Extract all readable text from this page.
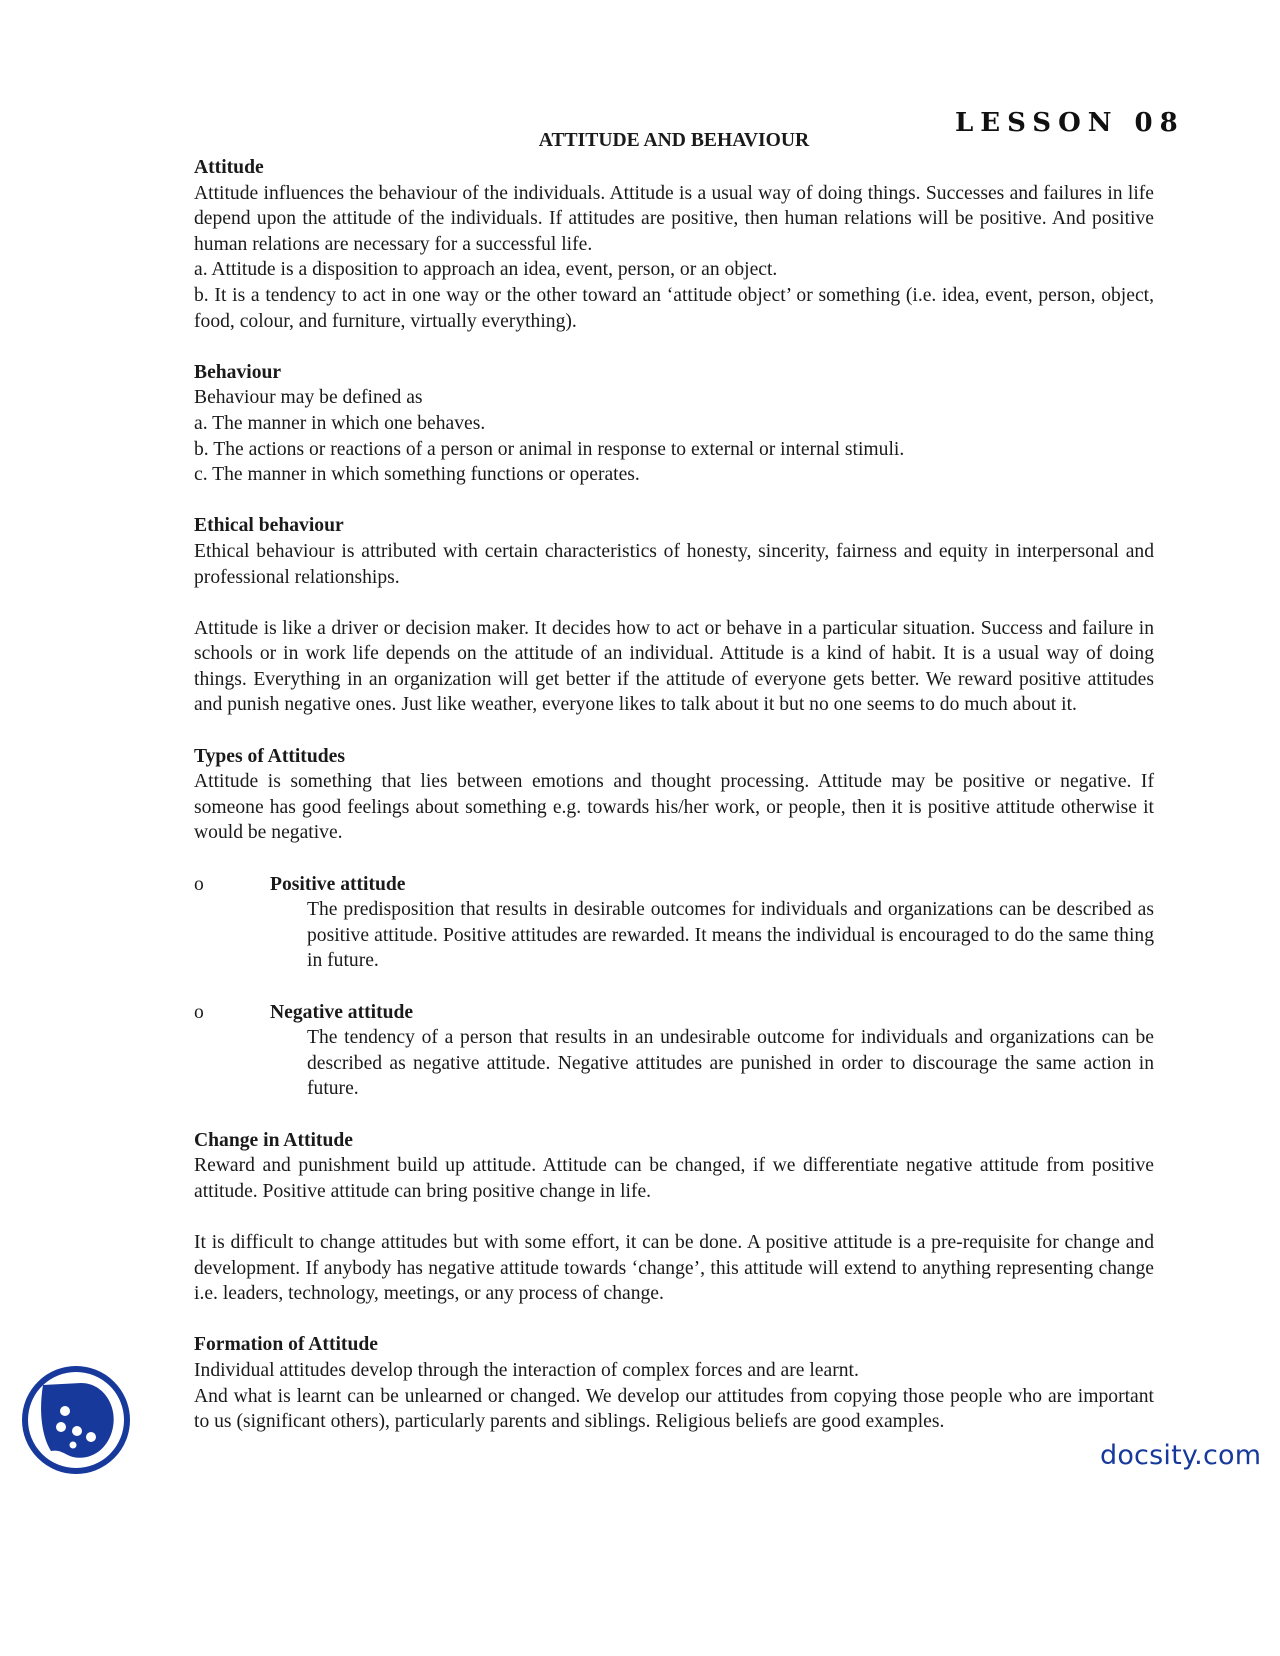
LESSON 08
ATTITUDE AND BEHAVIOUR
Attitude

Attitude influences the behaviour of the individuals. Attitude is a usual way of doing things. Successes and failures in life depend upon the attitude of the individuals. If attitudes are positive, then human relations will be positive. And positive human relations are necessary for a successful life.

a. Attitude is a disposition to approach an idea, event, person, or an object.

b. It is a tendency to act in one way or the other toward an ‘attitude object’ or something (i.e. idea, event, person, object, food, colour, and furniture, virtually everything).

Behaviour

Behaviour may be defined as

a. The manner in which one behaves.

b. The actions or reactions of a person or animal in response to external or internal stimuli.

c. The manner in which something functions or operates.

Ethical behaviour

Ethical behaviour is attributed with certain characteristics of honesty, sincerity, fairness and equity in interpersonal and professional relationships.

Attitude is like a driver or decision maker. It decides how to act or behave in a particular situation. Success and failure in schools or in work life depends on the attitude of an individual. Attitude is a kind of habit. It is a usual way of doing things. Everything in an organization will get better if the attitude of everyone gets better. We reward positive attitudes and punish negative ones. Just like weather, everyone likes to talk about it but no one seems to do much about it.

Types of Attitudes

Attitude is something that lies between emotions and thought processing. Attitude may be positive or negative. If someone has good feelings about something e.g. towards his/her work, or people, then it is positive attitude otherwise it would be negative.

o	Positive attitude

The predisposition that results in desirable outcomes for individuals and organizations can be described as positive attitude. Positive attitudes are rewarded. It means the individual is encouraged to do the same thing in future.

o	Negative attitude

The tendency of a person that results in an undesirable outcome for individuals and organizations can be described as negative attitude. Negative attitudes are punished in order to discourage the same action in future.

Change in Attitude

Reward and punishment build up attitude. Attitude can be changed, if we differentiate negative attitude from positive attitude. Positive attitude can bring positive change in life.

It is difficult to change attitudes but with some effort, it can be done. A positive attitude is a pre-requisite for change and development. If anybody has negative attitude towards ‘change’, this attitude will extend to anything representing change i.e. leaders, technology, meetings, or any process of change.

Formation of Attitude

Individual attitudes develop through the interaction of complex forces and are learnt.

And what is learnt can be unlearned or changed. We develop our attitudes from copying those people who are important to us (significant others), particularly parents and siblings. Religious beliefs are good examples.

docsity.com
